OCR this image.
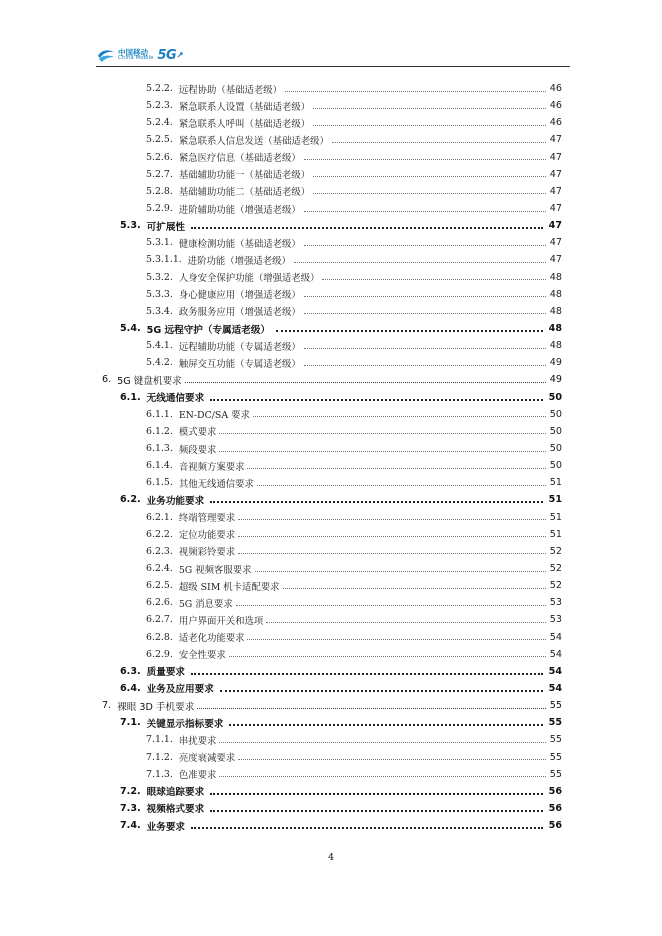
中国移动
China Mobile 5G
5.2.2. 远程协助（基础适老级）	46
5.2.3. 紧急联系人设置（基础适老级）	46
5.2.4. 紧急联系人呼叫（基础适老级）	46
5.2.5. 紧急联系人信息发送（基础适老级）	47
5.2.6. 紧急医疗信息（基础适老级）	47
5.2.7. 基础辅助功能一（基础适老级）	47
5.2.8. 基础辅助功能二（基础适老级）	47
5.2.9. 进阶辅助功能（增强适老级）	47
5.3. 可扩展性	47
5.3.1. 健康检测功能（基础适老级）	47
5.3.1.1. 进阶功能（增强适老级）	47
5.3.2. 人身安全保护功能（增强适老级）	48
5.3.3. 身心健康应用（增强适老级）	48
5.3.4. 政务服务应用（增强适老级）	48
5.4. 5G 远程守护（专属适老级）	48
5.4.1. 远程辅助功能（专属适老级）	48
5.4.2. 触屏交互功能（专属适老级）	49
6. 5G 键盘机要求	49
6.1. 无线通信要求	50
6.1.1. EN-DC/SA 要求	50
6.1.2. 模式要求	50
6.1.3. 频段要求	50
6.1.4. 音视频方案要求	50
6.1.5. 其他无线通信要求	51
6.2. 业务功能要求	51
6.2.1. 终端管理要求	51
6.2.2. 定位功能要求	51
6.2.3. 视频彩铃要求	52
6.2.4. 5G 视频客服要求	52
6.2.5. 超级 SIM 机卡适配要求	52
6.2.6. 5G 消息要求	53
6.2.7. 用户界面开关和选项	53
6.2.8. 适老化功能要求	54
6.2.9. 安全性要求	54
6.3. 质量要求	54
6.4. 业务及应用要求	54
7. 裸眼 3D 手机要求	55
7.1. 关键显示指标要求	55
7.1.1. 串扰要求	55
7.1.2. 亮度衰减要求	55
7.1.3. 色准要求	55
7.2. 眼球追踪要求	56
7.3. 视频格式要求	56
7.4. 业务要求	56
4
